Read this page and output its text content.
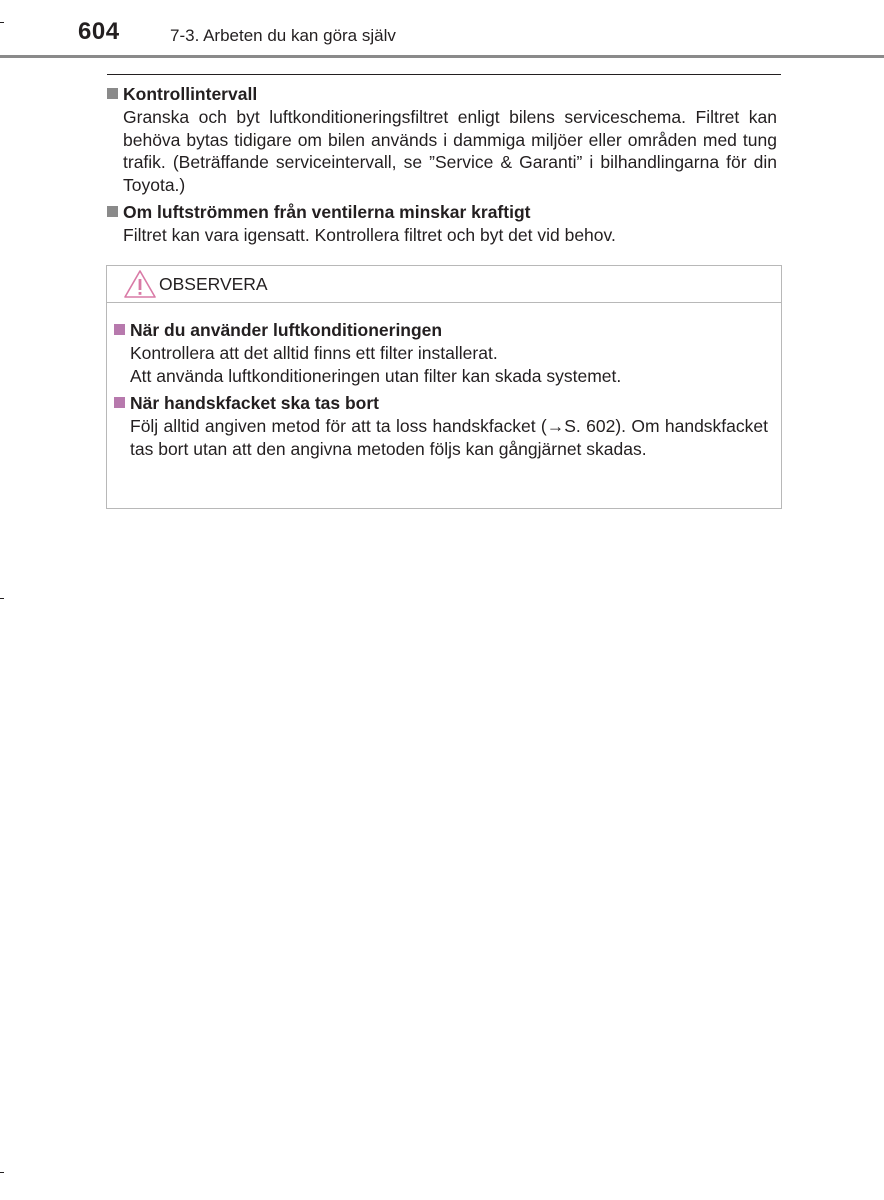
604	7-3. Arbeten du kan göra själv
Kontrollintervall

Granska och byt luftkonditioneringsfiltret enligt bilens serviceschema. Filtret kan behöva bytas tidigare om bilen används i dammiga miljöer eller områden med tung trafik. (Beträffande serviceintervall, se ”Service & Garanti” i bilhandlingarna för din Toyota.)

Om luftströmmen från ventilerna minskar kraftigt

Filtret kan vara igensatt. Kontrollera filtret och byt det vid behov.

OBSERVERA
När du använder luftkonditioneringen

Kontrollera att det alltid finns ett filter installerat.

Att använda luftkonditioneringen utan filter kan skada systemet.

När handskfacket ska tas bort

Följ alltid angiven metod för att ta loss handskfacket (→S. 602). Om handskfacket tas bort utan att den angivna metoden följs kan gångjärnet skadas.
